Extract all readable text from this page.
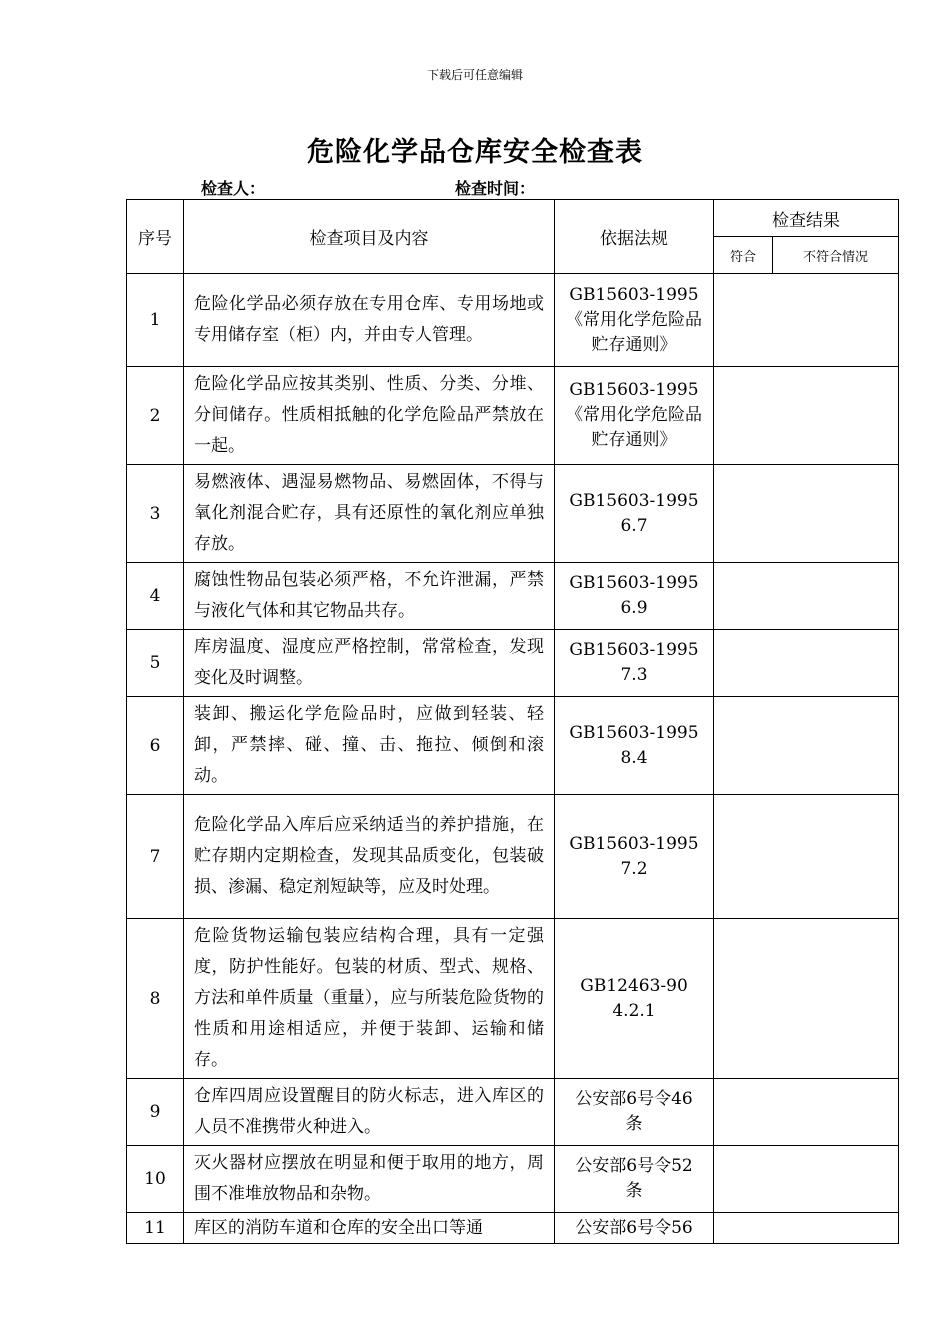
下载后可任意编辑
危险化学品仓库安全检查表
检查人：	检查时间：
序号	检查项目及内容	依据法规	检查结果	
			符合	不符合情况
1	危险化学品必须存放在专用仓库、专用场地或专用储存室（柜）内，并由专人管理。	GB15603-1995
《常用化学危险品贮存通则》		
2	危险化学品应按其类别、性质、分类、分堆、分间储存。性质相抵触的化学危险品严禁放在一起。	GB15603-1995
《常用化学危险品贮存通则》		
3	易燃液体、遇湿易燃物品、易燃固体，不得与氧化剂混合贮存，具有还原性的氧化剂应单独存放。	GB15603-1995
6.7		
4	腐蚀性物品包装必须严格，不允许泄漏，严禁与液化气体和其它物品共存。	GB15603-1995
6.9		
5	库房温度、湿度应严格控制，常常检查，发现变化及时调整。	GB15603-1995
7.3		
6	装卸、搬运化学危险品时，应做到轻装、轻卸，严禁摔、碰、撞、击、拖拉、倾倒和滚动。	GB15603-1995
8.4		
7	危险化学品入库后应采纳适当的养护措施，在贮存期内定期检查，发现其品质变化，包装破损、渗漏、稳定剂短缺等，应及时处理。	GB15603-1995
7.2		
8	危险货物运输包装应结构合理，具有一定强度，防护性能好。包装的材质、型式、规格、方法和单件质量（重量），应与所装危险货物的性质和用途相适应，并便于装卸、运输和储存。	GB12463-90
4.2.1		
9	仓库四周应设置醒目的防火标志，进入库区的人员不准携带火种进入。	公安部6号令46
条		
10	灭火器材应摆放在明显和便于取用的地方，周围不准堆放物品和杂物。	公安部6号令52
条		
11	库区的消防车道和仓库的安全出口等通	公安部6号令56		
